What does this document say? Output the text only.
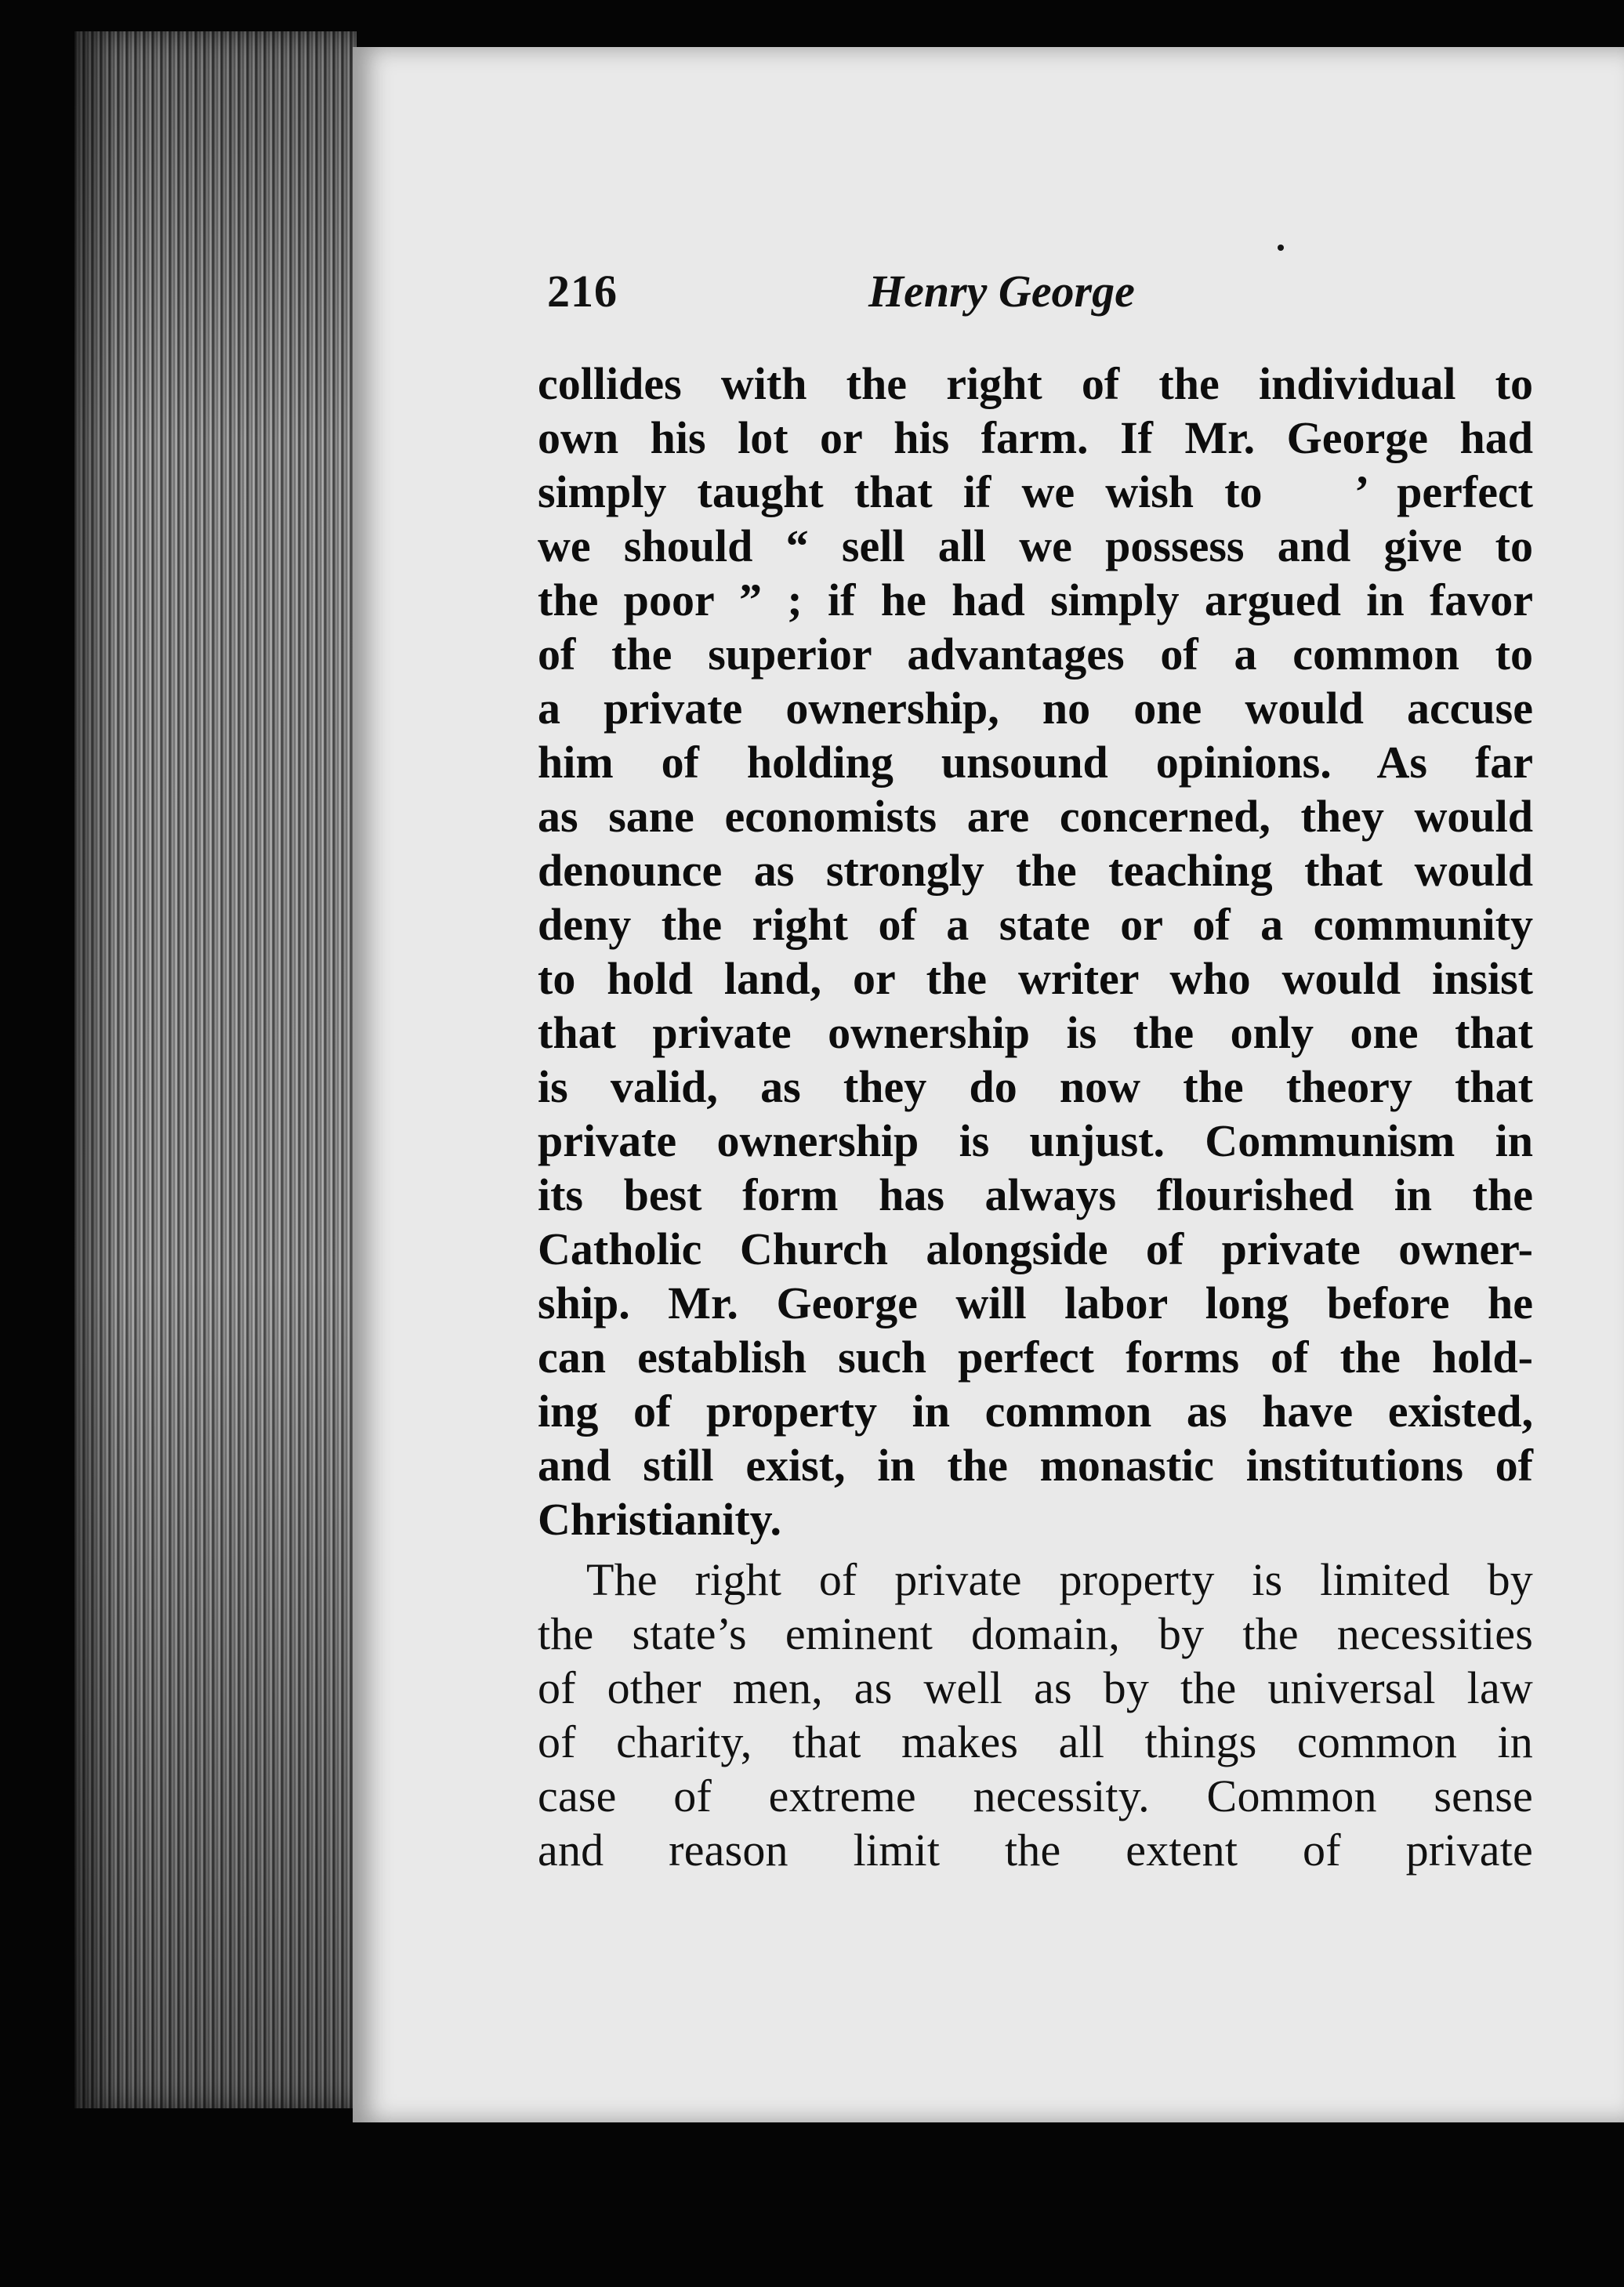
216	Henry George
collides with the right of the individual to
own his lot or his farm. If Mr. George had
simply taught that if we wish to   ’ perfect
we should “ sell all we possess and give to
the poor ” ; if he had simply argued in favor
of the superior advantages of a common to
a private ownership, no one would accuse
him of holding unsound opinions. As far
as sane economists are concerned, they would
denounce as strongly the teaching that would
deny the right of a state or of a community
to hold land, or the writer who would insist
that private ownership is the only one that
is valid, as they do now the theory that
private ownership is unjust. Communism in
its best form has always flourished in the
Catholic Church alongside of private owner-
ship. Mr. George will labor long before he
can establish such perfect forms of the hold-
ing of property in common as have existed,
and still exist, in the monastic institutions of
Christianity.
The right of private property is limited by
the state’s eminent domain, by the necessities
of other men, as well as by the universal law
of charity, that makes all things common in
case of extreme necessity. Common sense
and reason limit the extent of private
